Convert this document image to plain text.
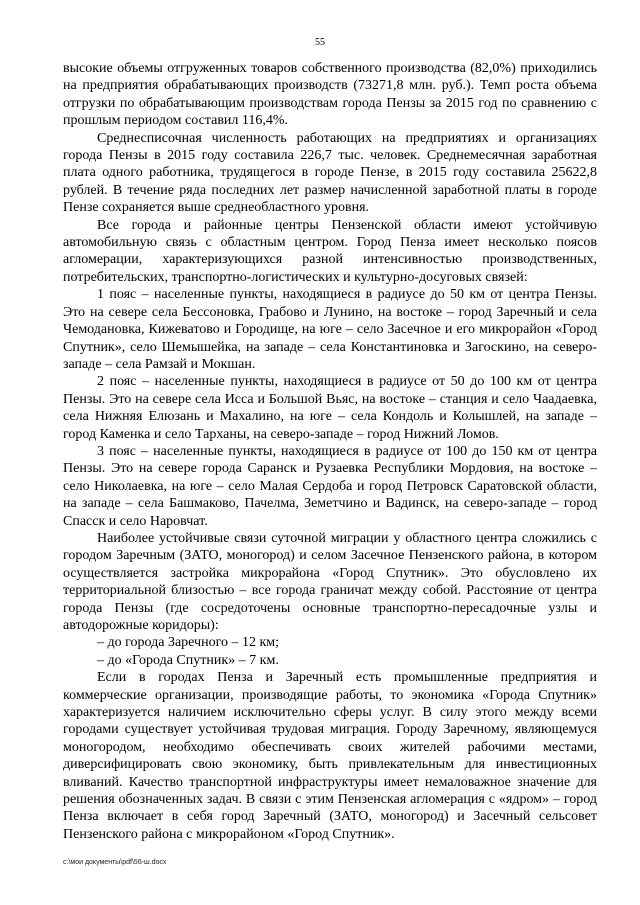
55

высокие объемы отгруженных товаров собственного производства (82,0%) приходились на предприятия обрабатывающих производств (73271,8 млн. руб.). Темп роста объема отгрузки по обрабатывающим производствам города Пензы за 2015 год по сравнению с прошлым периодом составил 116,4%.

Среднесписочная численность работающих на предприятиях и организациях города Пензы в 2015 году составила 226,7 тыс. человек. Среднемесячная заработная плата одного работника, трудящегося в городе Пензе, в 2015 году составила 25622,8 рублей. В течение ряда последних лет размер начисленной заработной платы в городе Пензе сохраняется выше среднеобластного уровня.

Все города и районные центры Пензенской области имеют устойчивую автомобильную связь с областным центром. Город Пенза имеет несколько поясов агломерации, характеризующихся разной интенсивностью производственных, потребительских, транспортно-логистических и культурно-досуговых связей:

1 пояс – населенные пункты, находящиеся в радиусе до 50 км от центра Пензы. Это на севере села Бессоновка, Грабово и Лунино, на востоке – город Заречный и села Чемодановка, Кижеватово и Городище, на юге – село Засечное и его микрорайон «Город Спутник», село Шемышейка, на западе – села Константиновка и Загоскино, на северо-западе – села Рамзай и Мокшан.

2 пояс – населенные пункты, находящиеся в радиусе от 50 до 100 км от центра Пензы. Это на севере села Исса и Большой Вьяс, на востоке – станция и село Чаадаевка, села Нижняя Елюзань и Махалино, на юге – села Кондоль и Колышлей, на западе – город Каменка и село Тарханы, на северо-западе – город Нижний Ломов.

3 пояс – населенные пункты, находящиеся в радиусе от 100 до 150 км от центра Пензы. Это на севере города Саранск и Рузаевка Республики Мордовия, на востоке – село Николаевка, на юге – село Малая Сердоба и город Петровск Саратовской области, на западе – села Башмаково, Пачелма, Земетчино и Вадинск, на северо-западе – город Спасск и село Наровчат.

Наиболее устойчивые связи суточной миграции у областного центра сложились с городом Заречным (ЗАТО, моногород) и селом Засечное Пензенского района, в котором осуществляется застройка микрорайона «Город Спутник». Это обусловлено их территориальной близостью – все города граничат между собой. Расстояние от центра города Пензы (где сосредоточены основные транспортно-пересадочные узлы и автодорожные коридоры):

– до города Заречного – 12 км;

– до «Города Спутник» – 7 км.

Если в городах Пенза и Заречный есть промышленные предприятия и коммерческие организации, производящие работы, то экономика «Города Спутник» характеризуется наличием исключительно сферы услуг. В силу этого между всеми городами существует устойчивая трудовая миграция. Городу Заречному, являющемуся моногородом, необходимо обеспечивать своих жителей рабочими местами, диверсифицировать свою экономику, быть привлекательным для инвестиционных вливаний. Качество транспортной инфраструктуры имеет немаловажное значение для решения обозначенных задач. В связи с этим Пензенская агломерация с «ядром» – город Пенза включает в себя город Заречный (ЗАТО, моногород) и Засечный сельсовет Пензенского района с микрорайоном «Город Спутник».

c:\мои документы\pdf\56-ш.docx
